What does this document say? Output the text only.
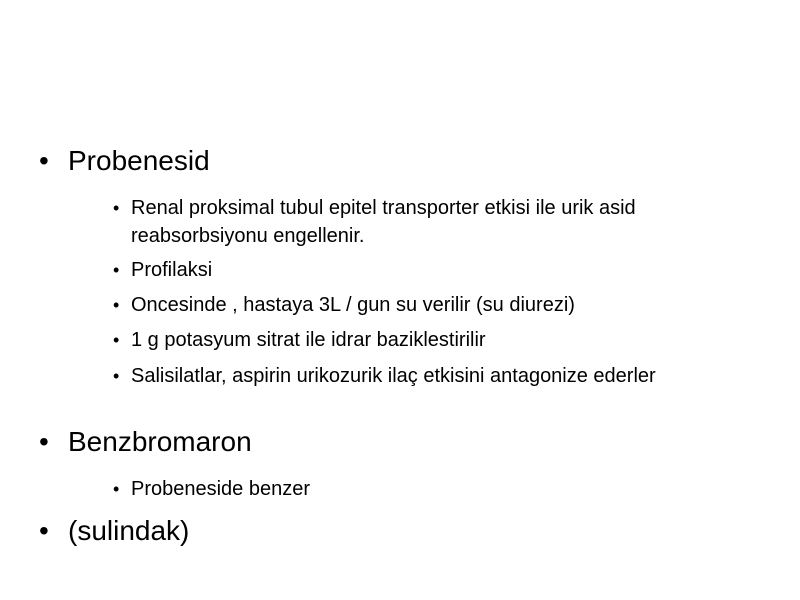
• Probenesid
• Renal proksimal tubul epitel transporter etkisi ile urik asid reabsorbsiyonu engellenir.
• Profilaksi
• Oncesinde , hastaya 3L / gun su verilir (su diurezi)
• 1 g potasyum sitrat ile idrar baziklestirilir
• Salisilatlar, aspirin urikozurik ilaç etkisini antagonize ederler
• Benzbromaron
• Probeneside benzer
• (sulindak)
